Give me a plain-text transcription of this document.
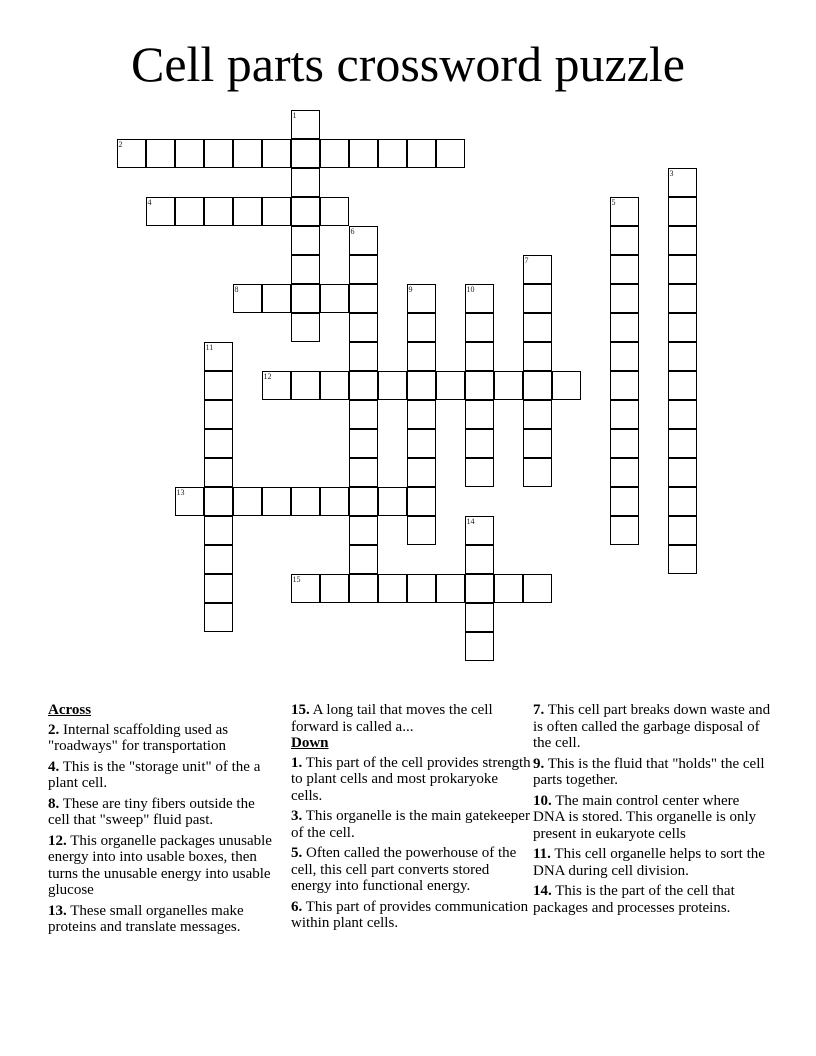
Cell parts crossword puzzle
1
2
3
4	5
6
7
8	9	10
11
12
13
14
15
Across
2. Internal scaffolding used as "roadways" for transportation
4. This is the "storage unit" of the a plant cell.
8. These are tiny fibers outside the cell that "sweep" fluid past.
12. This organelle packages unusable energy into into usable boxes, then turns the unusable energy into usable glucose
13. These small organelles make proteins and translate messages.
15. A long tail that moves the cell forward is called a...
Down
1. This part of the cell provides strength to plant cells and most prokaryoke cells.
3. This organelle is the main gatekeeper of the cell.
5. Often called the powerhouse of the cell, this cell part converts stored energy into functional energy.
6. This part of provides communication within plant cells.
7. This cell part breaks down waste and is often called the garbage disposal of the cell.
9. This is the fluid that "holds" the cell parts together.
10. The main control center where DNA is stored. This organelle is only present in eukaryote cells
11. This cell organelle helps to sort the DNA during cell division.
14. This is the part of the cell that packages and processes proteins.
